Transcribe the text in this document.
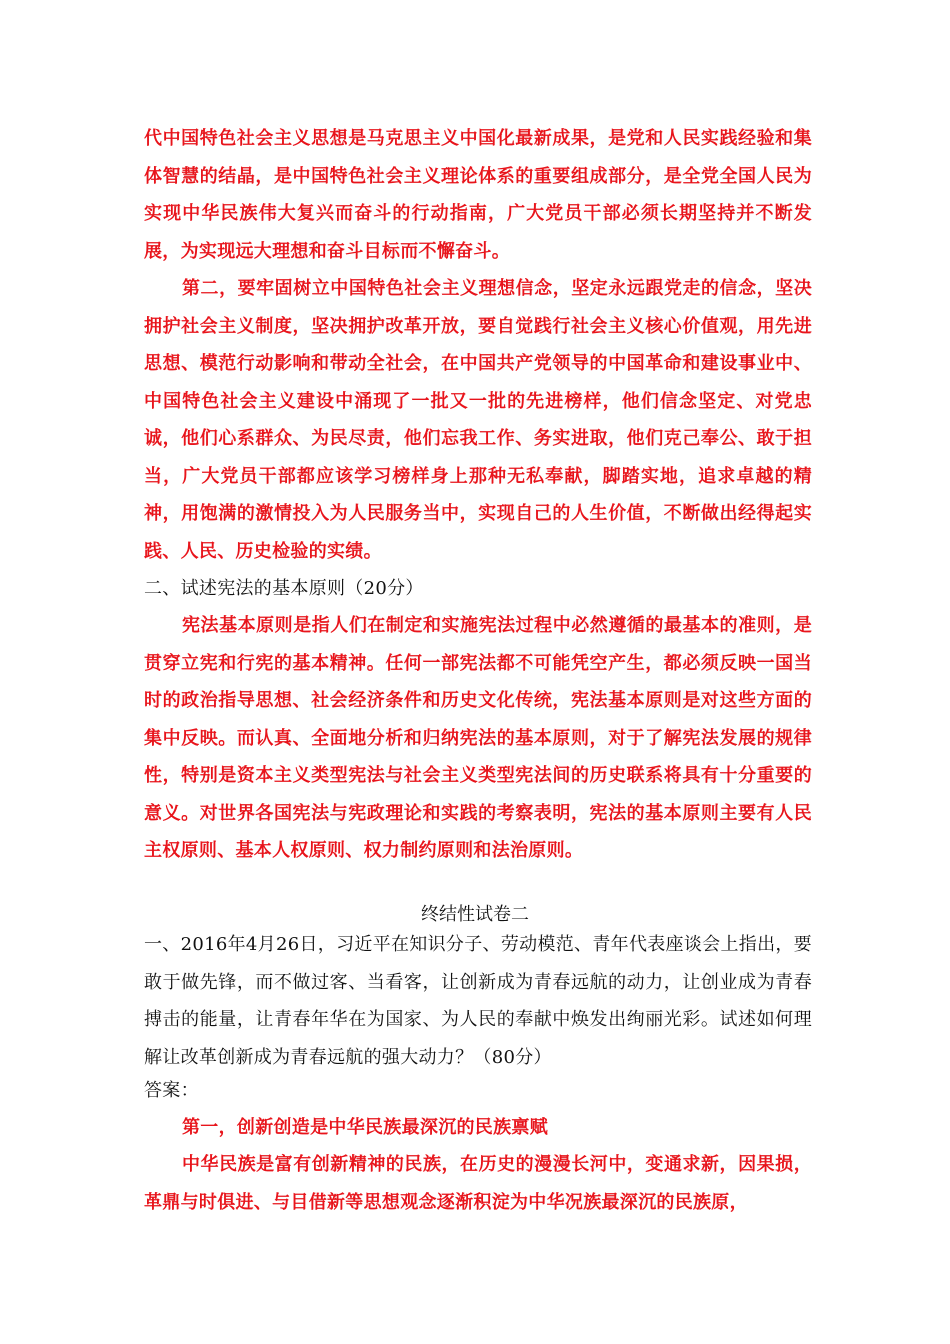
代中国特色社会主义思想是马克思主义中国化最新成果，是党和人民实践经验和集体智慧的结晶，是中国特色社会主义理论体系的重要组成部分，是全党全国人民为实现中华民族伟大复兴而奋斗的行动指南，广大党员干部必须长期坚持并不断发展，为实现远大理想和奋斗目标而不懈奋斗。

第二，要牢固树立中国特色社会主义理想信念，坚定永远跟党走的信念，坚决拥护社会主义制度，坚决拥护改革开放，要自觉践行社会主义核心价值观，用先进思想、模范行动影响和带动全社会，在中国共产党领导的中国革命和建设事业中、中国特色社会主义建设中涌现了一批又一批的先进榜样，他们信念坚定、对党忠诚，他们心系群众、为民尽责，他们忘我工作、务实进取，他们克己奉公、敢于担当，广大党员干部都应该学习榜样身上那种无私奉献，脚踏实地，追求卓越的精神，用饱满的激情投入为人民服务当中，实现自己的人生价值，不断做出经得起实践、人民、历史检验的实绩。

二、试述宪法的基本原则（20分）

宪法基本原则是指人们在制定和实施宪法过程中必然遵循的最基本的准则，是贯穿立宪和行宪的基本精神。任何一部宪法都不可能凭空产生，都必须反映一国当时的政治指导思想、社会经济条件和历史文化传统，宪法基本原则是对这些方面的集中反映。而认真、全面地分析和归纳宪法的基本原则，对于了解宪法发展的规律性，特别是资本主义类型宪法与社会主义类型宪法间的历史联系将具有十分重要的意义。对世界各国宪法与宪政理论和实践的考察表明，宪法的基本原则主要有人民主权原则、基本人权原则、权力制约原则和法治原则。

终结性试卷二

一、2016年4月26日，习近平在知识分子、劳动模范、青年代表座谈会上指出，要敢于做先锋，而不做过客、当看客，让创新成为青春远航的动力，让创业成为青春搏击的能量，让青春年华在为国家、为人民的奉献中焕发出绚丽光彩。试述如何理解让改革创新成为青春远航的强大动力？（80分）

答案：

第一，创新创造是中华民族最深沉的民族禀赋

中华民族是富有创新精神的民族，在历史的漫漫长河中，变通求新，因果损，革鼎与时俱进、与目借新等思想观念逐渐积淀为中华况族最深沉的民族原，
